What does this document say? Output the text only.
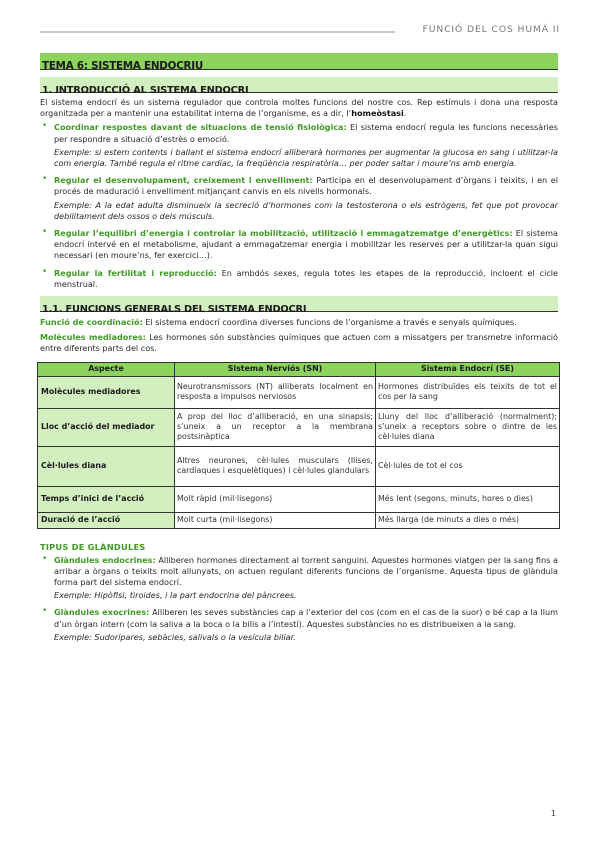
FUNCIÓ DEL COS HUMÀ II
TEMA 6: SISTEMA ENDOCRIU
1. INTRODUCCIÓ AL SISTEMA ENDOCRI

El sistema endocrí és un sistema regulador que controla moltes funcions del nostre cos. Rep estímuls i dona una resposta organitzada per a mantenir una estabilitat interna de l’organisme, es a dir, l’homeòstasi.

• Coordinar respostes davant de situacions de tensió fisiològica: El sistema endocrí regula les funcions necessàries per respondre a situació d’estrès o emoció.

Exemple: si estem contents i ballant el sistema endocrí alliberarà hormones per augmentar la glucosa en sang i utilitzar-la com energia. També regula el ritme cardíac, la freqüència respiratòria… per poder saltar i moure’ns amb energia.

• Regular el desenvolupament, creixement i envelliment: Participa en el desenvolupament d’òrgans i teixits, i en el procés de maduració i envelliment mitjançant canvis en els nivells hormonals.

Exemple: A la edat adulta disminueix la secreció d’hormones com la testosterona o els estrògens, fet que pot provocar debilitament dels ossos o dels músculs.

• Regular l’equilibri d’energia i controlar la mobilització, utilització i emmagatzematge d’energètics: El sistema endocrí intervé en el metabolisme, ajudant a emmagatzemar energia i mobilitzar les reserves per a utilitzar-la quan sigui necessari (en moure’ns, fer exercici…).

• Regular la fertilitat i reproducció: En ambdós sexes, regula totes les etapes de la reproducció, incloent el cicle menstrual.

1.1. FUNCIONS GENERALS DEL SISTEMA ENDOCRI

Funció de coordinació: El sistema endocrí coordina diverses funcions de l’organisme a través e senyals químiques.

Molècules mediadores: Les hormones són substàncies químiques que actuen com a missatgers per transmetre informació entre diferents parts del cos.

Aspecte	Sistema Nerviós (SN)	Sistema Endocrí (SE)
Molècules mediadores	Neurotransmissors (NT) alliberats localment en resposta a impulsos nerviosos	Hormones distribuïdes els teixits de tot el cos per la sang
Lloc d’acció del mediador	A prop del lloc d’alliberació, en una sinapsis; s’uneix a un receptor a la membrana postsinàptica	Lluny del lloc d’alliberació (normalment); s’uneix a receptors sobre o dintre de les cèl·lules diana
Cèl·lules diana	Altres neurones, cèl·lules musculars (llises, cardíaques i esquelètiques) i cèl·lules glandulars	Cèl·lules de tot el cos
Temps d’inici de l’acció	Molt ràpid (mil·lisegons)	Més lent (segons, minuts, hores o dies)
Duració de l’acció	Molt curta (mil·lisegons)	Més llarga (de minuts a dies o més)
TIPUS DE GLÀNDULES
• Glàndules endocrines: Alliberen hormones directament al torrent sanguini. Aquestes hormones viatgen per la sang fins a arribar a òrgans o teixits molt allunyats, on actuen regulant diferents funcions de l’organisme. Aquesta tipus de glàndula forma part del sistema endocrí.

Exemple: Hipòfisi, tiroides, i la part endocrina del pàncrees.

• Glàndules exocrines: Alliberen les seves substàncies cap a l’exterior del cos (com en el cas de la suor) o bé cap a la llum d’un òrgan intern (com la saliva a la boca o la bilis a l’intestí). Aquestes substàncies no es distribueixen a la sang.

Exemple: Sudorípares, sebàcies, salivals o la vesícula biliar.

1
